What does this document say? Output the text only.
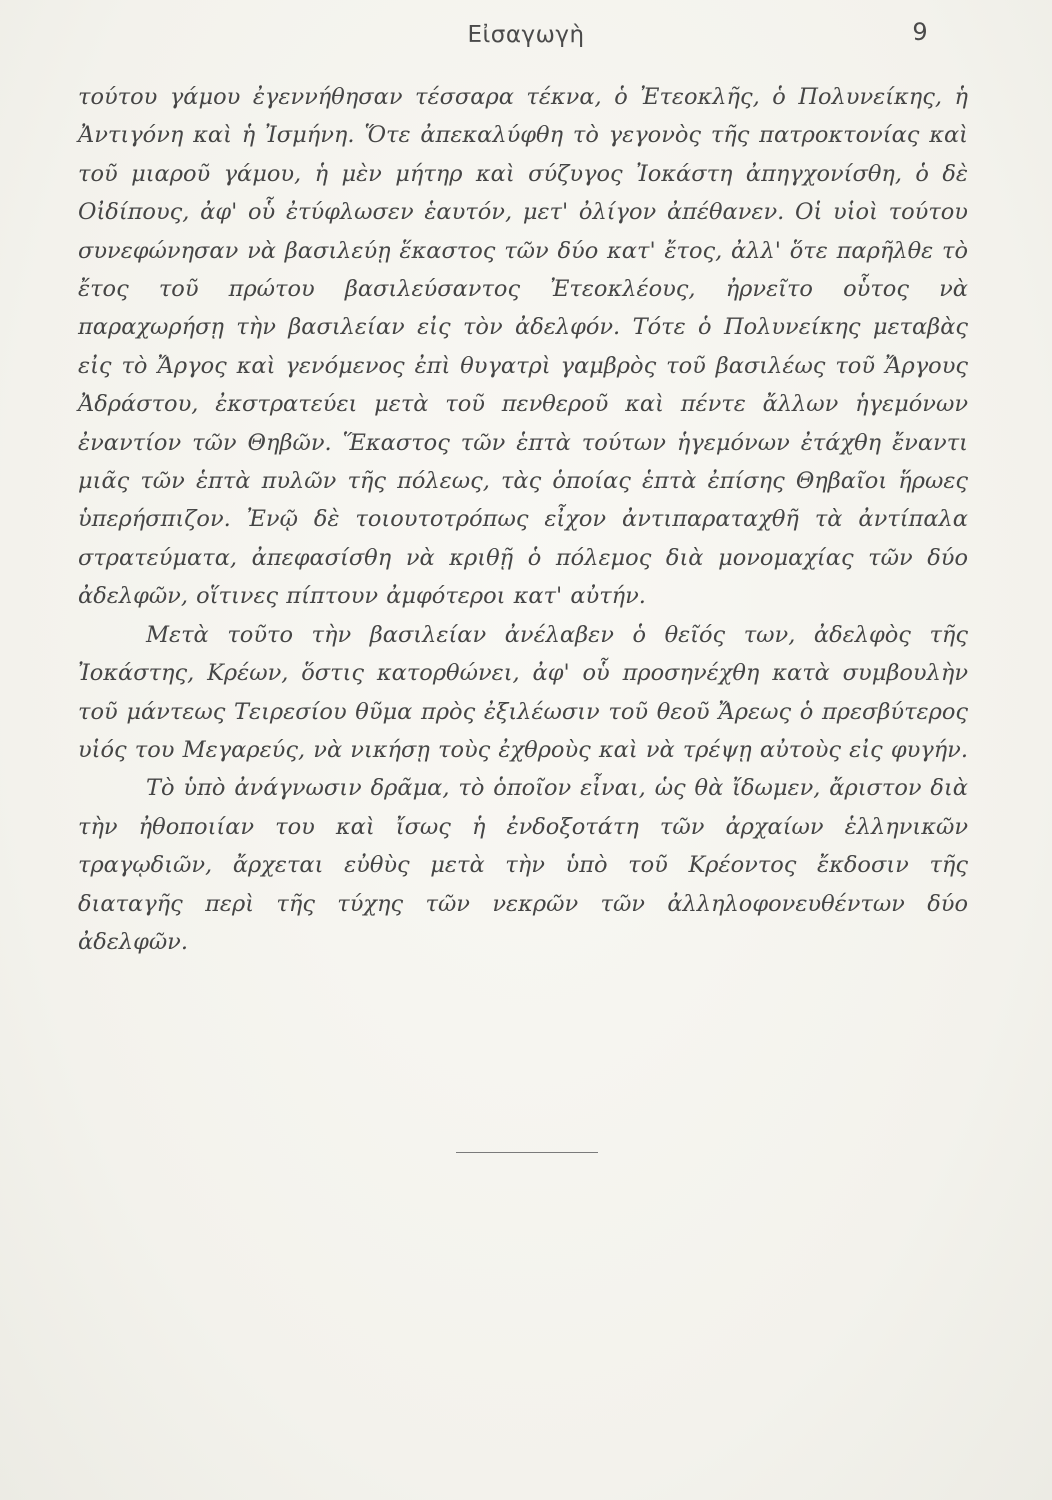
Εἰσαγωγὴ	9

τούτου γάμου ἐγεννήθησαν τέσσαρα τέκνα, ὁ Ἐτεοκλῆς, ὁ Πολυνείκης, ἡ Ἀντιγόνη καὶ ἡ Ἰσμήνη. Ὅτε ἀπεκαλύφθη τὸ γεγονὸς τῆς πατροκτονίας καὶ τοῦ μιαροῦ γάμου, ἡ μὲν μήτηρ καὶ σύζυγος Ἰοκάστη ἀπηγχονίσθη, ὁ δὲ Οἰδίπους, ἀφ' οὗ ἐτύφλωσεν ἑαυτόν, μετ' ὀλίγον ἀπέθανεν. Οἱ υἱοὶ τούτου συνεφώνησαν νὰ βασιλεύῃ ἕκαστος τῶν δύο κατ' ἔτος, ἀλλ' ὅτε παρῆλθε τὸ ἔτος τοῦ πρώτου βασιλεύσαντος Ἐτεοκλέους, ἠρνεῖτο οὗτος νὰ παραχωρήσῃ τὴν βασιλείαν εἰς τὸν ἀδελφόν. Τότε ὁ Πολυνείκης μεταβὰς εἰς τὸ Ἄργος καὶ γενόμενος ἐπὶ θυγατρὶ γαμβρὸς τοῦ βασιλέως τοῦ Ἄργους Ἀδράστου, ἐκστρατεύει μετὰ τοῦ πενθεροῦ καὶ πέντε ἄλλων ἡγεμόνων ἐναντίον τῶν Θηβῶν. Ἕκαστος τῶν ἑπτὰ τούτων ἡγεμόνων ἐτάχθη ἔναντι μιᾶς τῶν ἑπτὰ πυλῶν τῆς πόλεως, τὰς ὁποίας ἑπτὰ ἐπίσης Θηβαῖοι ἥρωες ὑπερήσπιζον. Ἐνῷ δὲ τοιουτοτρόπως εἶχον ἀντιπαραταχθῆ τὰ ἀντίπαλα στρατεύματα, ἀπεφασίσθη νὰ κριθῇ ὁ πόλεμος διὰ μονομαχίας τῶν δύο ἀδελφῶν, οἵτινες πίπτουν ἀμφότεροι κατ' αὐτήν.

Μετὰ τοῦτο τὴν βασιλείαν ἀνέλαβεν ὁ θεῖός των, ἀδελφὸς τῆς Ἰοκάστης, Κρέων, ὅστις κατορθώνει, ἀφ' οὗ προσηνέχθη κατὰ συμβουλὴν τοῦ μάντεως Τειρεσίου θῦμα πρὸς ἐξιλέωσιν τοῦ θεοῦ Ἄρεως ὁ πρεσβύτερος υἱός του Μεγαρεύς, νὰ νικήσῃ τοὺς ἐχθροὺς καὶ νὰ τρέψῃ αὐτοὺς εἰς φυγήν.

Τὸ ὑπὸ ἀνάγνωσιν δρᾶμα, τὸ ὁποῖον εἶναι, ὡς θὰ ἴδωμεν, ἄριστον διὰ τὴν ἠθοποιίαν του καὶ ἴσως ἡ ἐνδοξοτάτη τῶν ἀρχαίων ἑλληνικῶν τραγῳδιῶν, ἄρχεται εὐθὺς μετὰ τὴν ὑπὸ τοῦ Κρέοντος ἔκδοσιν τῆς διαταγῆς περὶ τῆς τύχης τῶν νεκρῶν τῶν ἀλληλοφονευθέντων δύο ἀδελφῶν.
